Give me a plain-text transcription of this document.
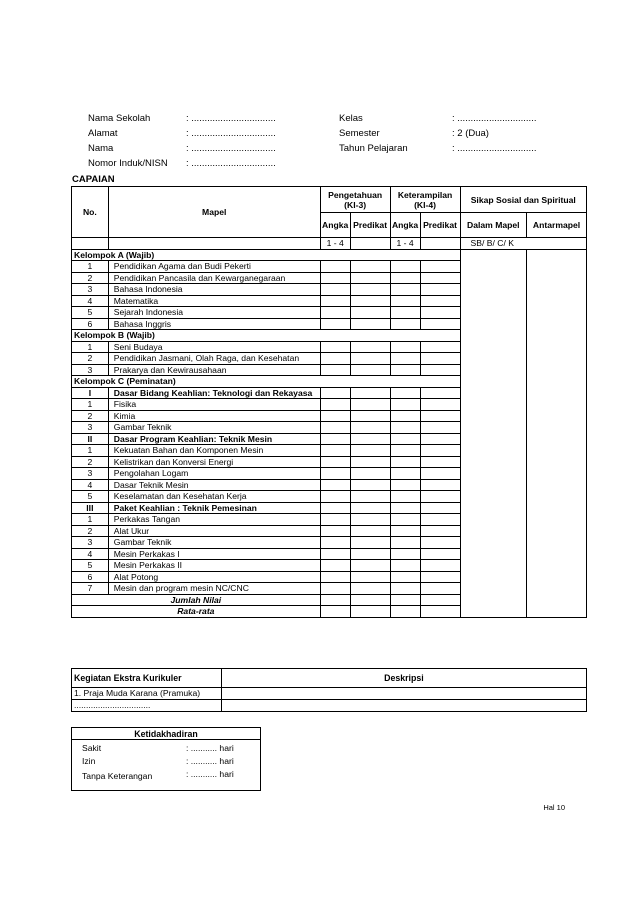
Nama Sekolah	: ................................
Alamat	: ................................
Nama	: ................................
Nomor Induk/NISN : ................................
Kelas	: ..............................
Semester	: 2 (Dua)
Tahun Pelajaran	: ..............................
CAPAIAN
No.	Mapel	Pengetahuan (KI-3)		Keterampilan (KI-4)		Sikap Sosial dan Spiritual	
		Angka	Predikat	Angka	Predikat	Dalam Mapel	Antarmapel
		1 - 4		1 - 4		SB/ B/ C/ K	
Kelompok A (Wajib)							
1	Pendidikan Agama dan Budi Pekerti						
2	Pendidikan Pancasila dan Kewarganegaraan						
3	Bahasa Indonesia						
4	Matematika						
5	Sejarah Indonesia						
6	Bahasa Inggris						
Kelompok B (Wajib)							
1	Seni Budaya						
2	Pendidikan Jasmani, Olah Raga, dan Kesehatan						
3	Prakarya dan Kewirausahaan						
Kelompok C (Peminatan)							
I	Dasar Bidang Keahlian: Teknologi dan Rekayasa						
1	Fisika						
2	Kimia						
3	Gambar Teknik						
II	Dasar Program Keahlian: Teknik Mesin						
1	Kekuatan Bahan dan Komponen Mesin						
2	Kelistrikan dan Konversi Energi						
3	Pengolahan Logam						
4	Dasar Teknik Mesin						
5	Keselamatan dan Kesehatan Kerja						
III	Paket Keahlian : Teknik Pemesinan						
1	Perkakas Tangan						
2	Alat Ukur						
3	Gambar Teknik						
4	Mesin Perkakas I						
5	Mesin Perkakas II						
6	Alat Potong						
7	Mesin dan program mesin NC/CNC						
Jumlah Nilai							
Rata-rata							
Kegiatan Ekstra Kurikuler	Deskripsi
1. Praja Muda Karana (Pramuka)	
................................	
Ketidakhadiran

Sakit	: ........... hari
Izin	: ........... hari
Tanpa Keterangan	: ........... hari
Hal 10
